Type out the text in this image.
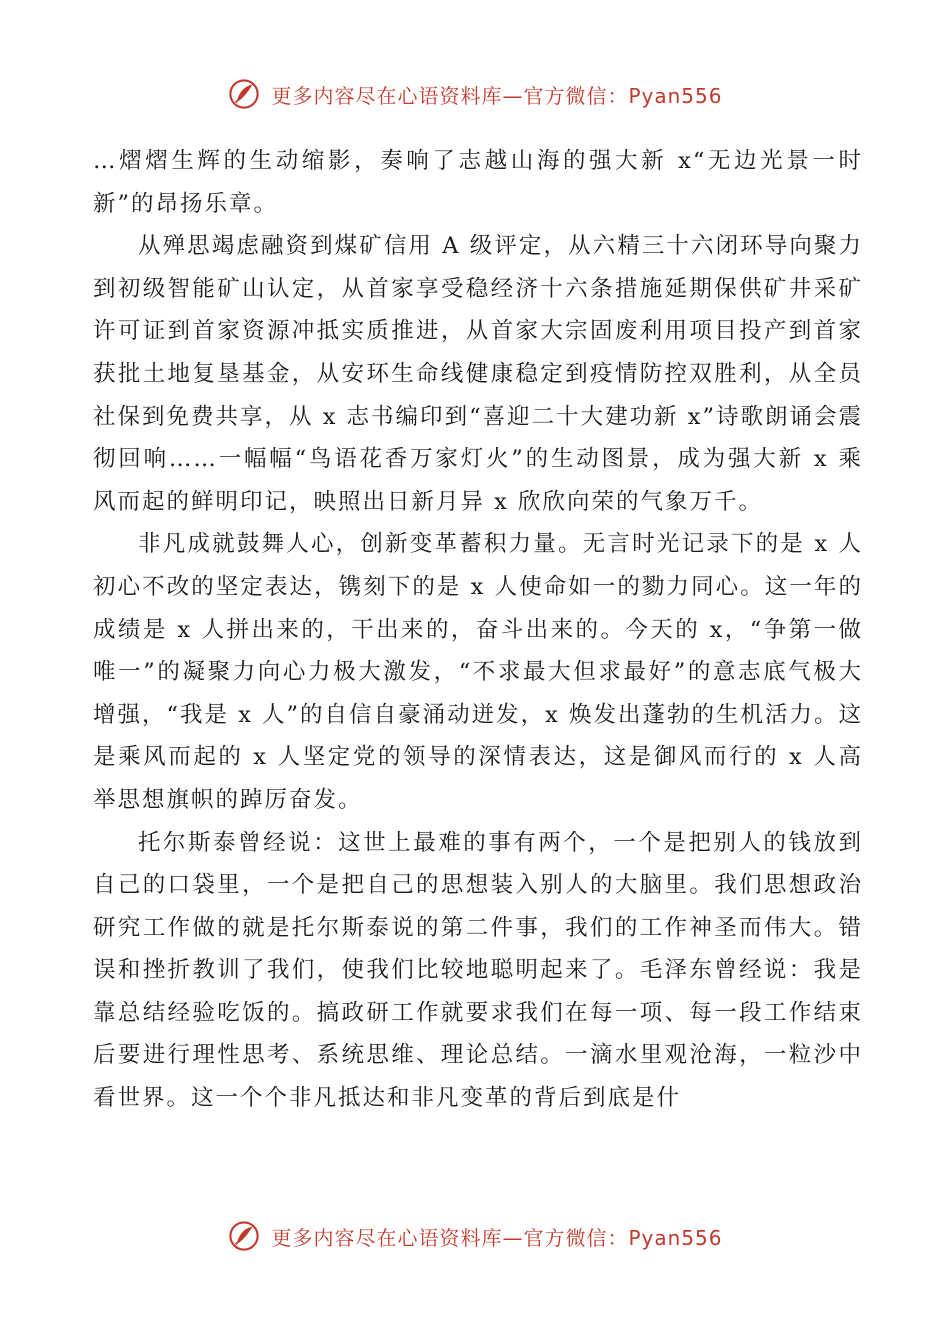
更多内容尽在心语资料库—官方微信：Pyan556

…熠熠生辉的生动缩影，奏响了志越山海的强大新 x“无边光景一时新”的昂扬乐章。

从殚思竭虑融资到煤矿信用 A 级评定，从六精三十六闭环导向聚力到初级智能矿山认定，从首家享受稳经济十六条措施延期保供矿井采矿许可证到首家资源冲抵实质推进，从首家大宗固废利用项目投产到首家获批土地复垦基金，从安环生命线健康稳定到疫情防控双胜利，从全员社保到免费共享，从 x 志书编印到“喜迎二十大建功新 x”诗歌朗诵会震彻回响……一幅幅“鸟语花香万家灯火”的生动图景，成为强大新 x 乘风而起的鲜明印记，映照出日新月异 x 欣欣向荣的气象万千。

非凡成就鼓舞人心，创新变革蓄积力量。无言时光记录下的是 x 人初心不改的坚定表达，镌刻下的是 x 人使命如一的勠力同心。这一年的成绩是 x 人拼出来的，干出来的，奋斗出来的。今天的 x，“争第一做唯一”的凝聚力向心力极大激发，“不求最大但求最好”的意志底气极大增强，“我是 x 人”的自信自豪涌动迸发，x 焕发出蓬勃的生机活力。这是乘风而起的 x 人坚定党的领导的深情表达，这是御风而行的 x 人高举思想旗帜的踔厉奋发。

托尔斯泰曾经说：这世上最难的事有两个，一个是把别人的钱放到自己的口袋里，一个是把自己的思想装入别人的大脑里。我们思想政治研究工作做的就是托尔斯泰说的第二件事，我们的工作神圣而伟大。错误和挫折教训了我们，使我们比较地聪明起来了。毛泽东曾经说：我是靠总结经验吃饭的。搞政研工作就要求我们在每一项、每一段工作结束后要进行理性思考、系统思维、理论总结。一滴水里观沧海，一粒沙中看世界。这一个个非凡抵达和非凡变革的背后到底是什

更多内容尽在心语资料库—官方微信：Pyan556
